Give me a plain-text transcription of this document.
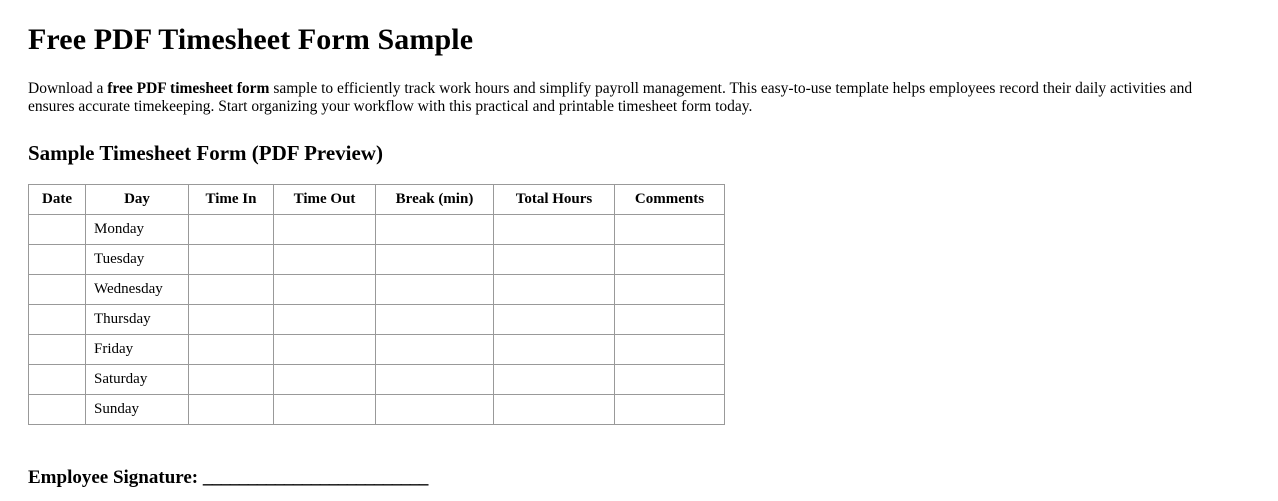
Free PDF Timesheet Form Sample

Download a free PDF timesheet form sample to efficiently track work hours and simplify payroll management. This easy-to-use template helps employees record their daily activities and ensures accurate timekeeping. Start organizing your workflow with this practical and printable timesheet form today.

Sample Timesheet Form (PDF Preview)
Date	Day	Time In	Time Out	Break (min)	Total Hours	Comments
	Monday					
	Tuesday					
	Wednesday					
	Thursday					
	Friday					
	Saturday					
	Sunday					
Employee Signature: _________________________
